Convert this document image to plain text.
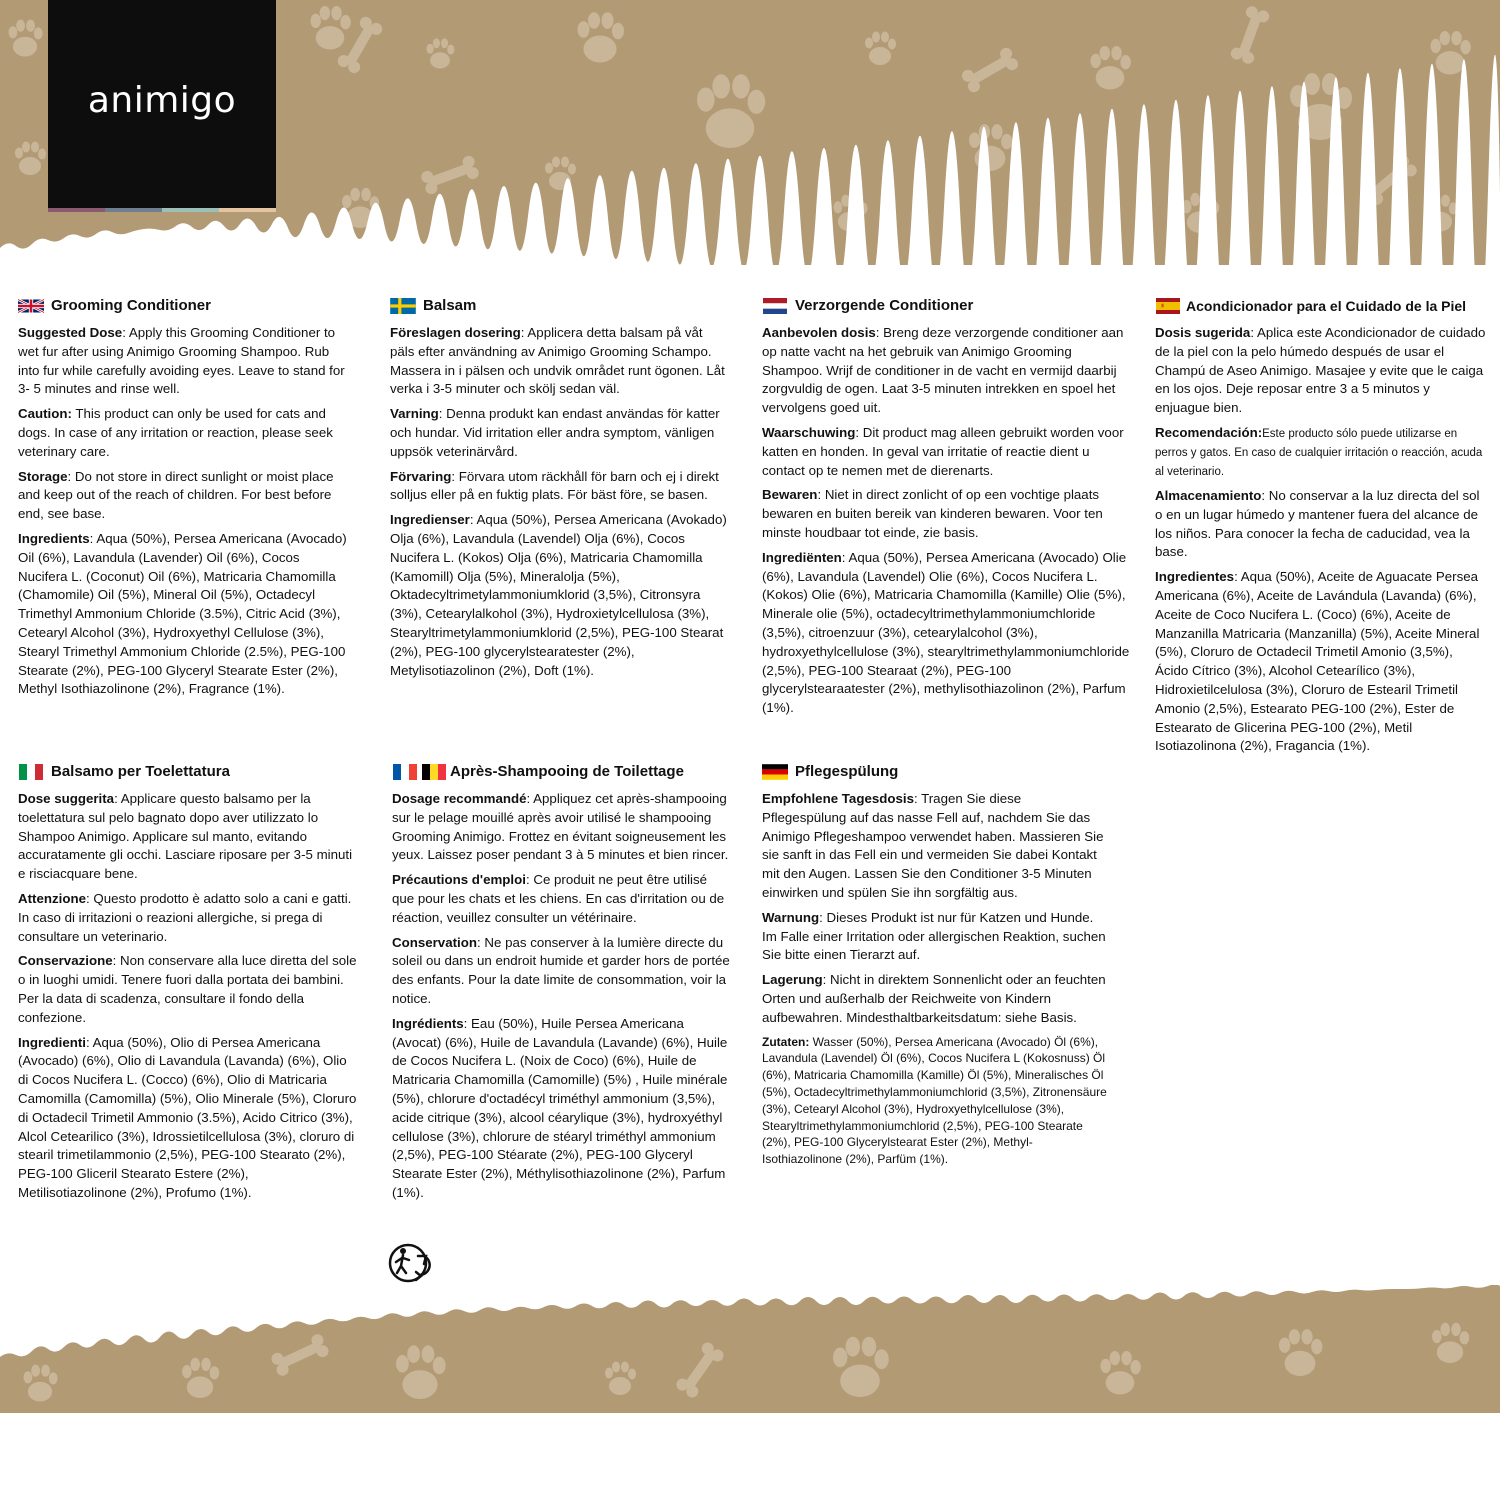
animigo
Grooming Conditioner

Suggested Dose: Apply this Grooming Conditioner to wet fur after using Animigo Grooming Shampoo. Rub into fur while carefully avoiding eyes. Leave to stand for 3- 5 minutes and rinse well.

Caution: This product can only be used for cats and dogs. In case of any irritation or reaction, please seek veterinary care.

Storage: Do not store in direct sunlight or moist place and keep out of the reach of children. For best before end, see base.

Ingredients: Aqua (50%), Persea Americana (Avocado) Oil (6%), Lavandula (Lavender) Oil (6%), Cocos Nucifera L. (Coconut) Oil (6%), Matricaria Chamomilla (Chamomile) Oil (5%), Mineral Oil (5%), Octadecyl Trimethyl Ammonium Chloride (3.5%), Citric Acid (3%), Cetearyl Alcohol (3%), Hydroxyethyl Cellulose (3%), Stearyl Trimethyl Ammonium Chloride (2.5%), PEG-100 Stearate (2%), PEG-100 Glyceryl Stearate Ester (2%), Methyl Isothiazolinone (2%), Fragrance (1%).

Balsam

Föreslagen dosering: Applicera detta balsam på våt päls efter användning av Animigo Grooming Schampo. Massera in i pälsen och undvik området runt ögonen. Låt verka i 3-5 minuter och skölj sedan väl.

Varning: Denna produkt kan endast användas för katter och hundar. Vid irritation eller andra symptom, vänligen uppsök veterinärvård.

Förvaring: Förvara utom räckhåll för barn och ej i direkt solljus eller på en fuktig plats. För bäst före, se basen.

Ingredienser: Aqua (50%), Persea Americana (Avokado) Olja (6%), Lavandula (Lavendel) Olja (6%), Cocos Nucifera L. (Kokos) Olja (6%), Matricaria Chamomilla (Kamomill) Olja (5%), Mineralolja (5%), Oktadecyltrimetylammoniumklorid (3,5%), Citronsyra (3%), Cetearylalkohol (3%), Hydroxietylcellulosa (3%), Stearyltrimetylammoniumklorid (2,5%), PEG-100 Stearat (2%), PEG-100 glycerylstearatester (2%), Metylisotiazolinon (2%), Doft (1%).

Verzorgende Conditioner

Aanbevolen dosis: Breng deze verzorgende conditioner aan op natte vacht na het gebruik van Animigo Grooming Shampoo. Wrijf de conditioner in de vacht en vermijd daarbij zorgvuldig de ogen. Laat 3-5 minuten intrekken en spoel het vervolgens goed uit.

Waarschuwing: Dit product mag alleen gebruikt worden voor katten en honden. In geval van irritatie of reactie dient u contact op te nemen met de dierenarts.

Bewaren: Niet in direct zonlicht of op een vochtige plaats bewaren en buiten bereik van kinderen bewaren. Voor ten minste houdbaar tot einde, zie basis.

Ingrediënten: Aqua (50%), Persea Americana (Avocado) Olie (6%), Lavandula (Lavendel) Olie (6%), Cocos Nucifera L. (Kokos) Olie (6%), Matricaria Chamomilla (Kamille) Olie (5%), Minerale olie (5%), octadecyltrimethylammoniumchloride (3,5%), citroenzuur (3%), cetearylalcohol (3%), hydroxyethylcellulose (3%), stearyltrimethylammoniumchloride (2,5%), PEG-100 Stearaat (2%), PEG-100 glycerylstearaatester (2%), methylisothiazolinon (2%), Parfum (1%).

Acondicionador para el Cuidado de la Piel

Dosis sugerida: Aplica este Acondicionador de cuidado de la piel con la pelo húmedo después de usar el Champú de Aseo Animigo. Masajee y evite que le caiga en los ojos. Deje reposar entre 3 a 5 minutos y enjuague bien.

Recomendación:Este producto sólo puede utilizarse en perros y gatos. En caso de cualquier irritación o reacción, acuda al veterinario.

Almacenamiento: No conservar a la luz directa del sol o en un lugar húmedo y mantener fuera del alcance de los niños. Para conocer la fecha de caducidad, vea la base.

Ingredientes: Aqua (50%), Aceite de Aguacate Persea Americana (6%), Aceite de Lavándula (Lavanda) (6%), Aceite de Coco Nucifera L. (Coco) (6%), Aceite de Manzanilla Matricaria (Manzanilla) (5%), Aceite Mineral (5%), Cloruro de Octadecil Trimetil Amonio (3,5%), Ácido Cítrico (3%), Alcohol Cetearílico (3%), Hidroxietilcelulosa (3%), Cloruro de Estearil Trimetil Amonio (2,5%), Estearato PEG-100 (2%), Ester de Estearato de Glicerina PEG-100 (2%), Metil Isotiazolinona (2%), Fragancia (1%).

Balsamo per Toelettatura

Dose suggerita: Applicare questo balsamo per la toelettatura sul pelo bagnato dopo aver utilizzato lo Shampoo Animigo. Applicare sul manto, evitando accuratamente gli occhi. Lasciare riposare per 3-5 minuti e risciacquare bene.

Attenzione: Questo prodotto è adatto solo a cani e gatti. In caso di irritazioni o reazioni allergiche, si prega di consultare un veterinario.

Conservazione: Non conservare alla luce diretta del sole o in luoghi umidi. Tenere fuori dalla portata dei bambini. Per la data di scadenza, consultare il fondo della confezione.

Ingredienti: Aqua (50%), Olio di Persea Americana (Avocado) (6%), Olio di Lavandula (Lavanda) (6%), Olio di Cocos Nucifera L. (Cocco) (6%), Olio di Matricaria Camomilla (Camomilla) (5%), Olio Minerale (5%), Cloruro di Octadecil Trimetil Ammonio (3.5%), Acido Citrico (3%), Alcol Cetearilico (3%), Idrossietilcellulosa (3%), cloruro di stearil trimetilammonio (2,5%), PEG-100 Stearato (2%), PEG-100 Gliceril Stearato Estere (2%), Metilisotiazolinone (2%), Profumo (1%).

Après-Shampooing de Toilettage

Dosage recommandé: Appliquez cet après-shampooing sur le pelage mouillé après avoir utilisé le shampooing Grooming Animigo. Frottez en évitant soigneusement les yeux. Laissez poser pendant 3 à 5 minutes et bien rincer.

Précautions d'emploi: Ce produit ne peut être utilisé que pour les chats et les chiens. En cas d'irritation ou de réaction, veuillez consulter un vétérinaire.

Conservation: Ne pas conserver à la lumière directe du soleil ou dans un endroit humide et garder hors de portée des enfants. Pour la date limite de consommation, voir la notice.

Ingrédients: Eau (50%), Huile Persea Americana (Avocat) (6%), Huile de Lavandula (Lavande) (6%), Huile de Cocos Nucifera L. (Noix de Coco) (6%), Huile de Matricaria Chamomilla (Camomille) (5%) , Huile minérale (5%), chlorure d'octadécyl triméthyl ammonium (3,5%), acide citrique (3%), alcool céarylique (3%), hydroxyéthyl cellulose (3%), chlorure de stéaryl triméthyl ammonium (2,5%), PEG-100 Stéarate (2%), PEG-100 Glyceryl Stearate Ester (2%), Méthylisothiazolinone (2%), Parfum (1%).

Pflegespülung

Empfohlene Tagesdosis: Tragen Sie diese Pflegespülung auf das nasse Fell auf, nachdem Sie das Animigo Pflegeshampoo verwendet haben. Massieren Sie sie sanft in das Fell ein und vermeiden Sie dabei Kontakt mit den Augen. Lassen Sie den Conditioner 3-5 Minuten einwirken und spülen Sie ihn sorgfältig aus.

Warnung: Dieses Produkt ist nur für Katzen und Hunde. Im Falle einer Irritation oder allergischen Reaktion, suchen Sie bitte einen Tierarzt auf.

Lagerung: Nicht in direktem Sonnenlicht oder an feuchten Orten und außerhalb der Reichweite von Kindern aufbewahren. Mindesthaltbarkeitsdatum: siehe Basis.

Zutaten: Wasser (50%), Persea Americana (Avocado) Öl (6%), Lavandula (Lavendel) Öl (6%), Cocos Nucifera L (Kokosnuss) Öl (6%), Matricaria Chamomilla (Kamille) Öl (5%), Mineralisches Öl (5%), Octadecyltrimethylammoniumchlorid (3,5%), Zitronensäure (3%), Cetearyl Alcohol (3%), Hydroxyethylcellulose (3%), Stearyltrimethylammoniumchlorid (2,5%), PEG-100 Stearate (2%), PEG-100 Glycerylstearat Ester (2%), Methyl-Isothiazolinone (2%), Parfüm (1%).
